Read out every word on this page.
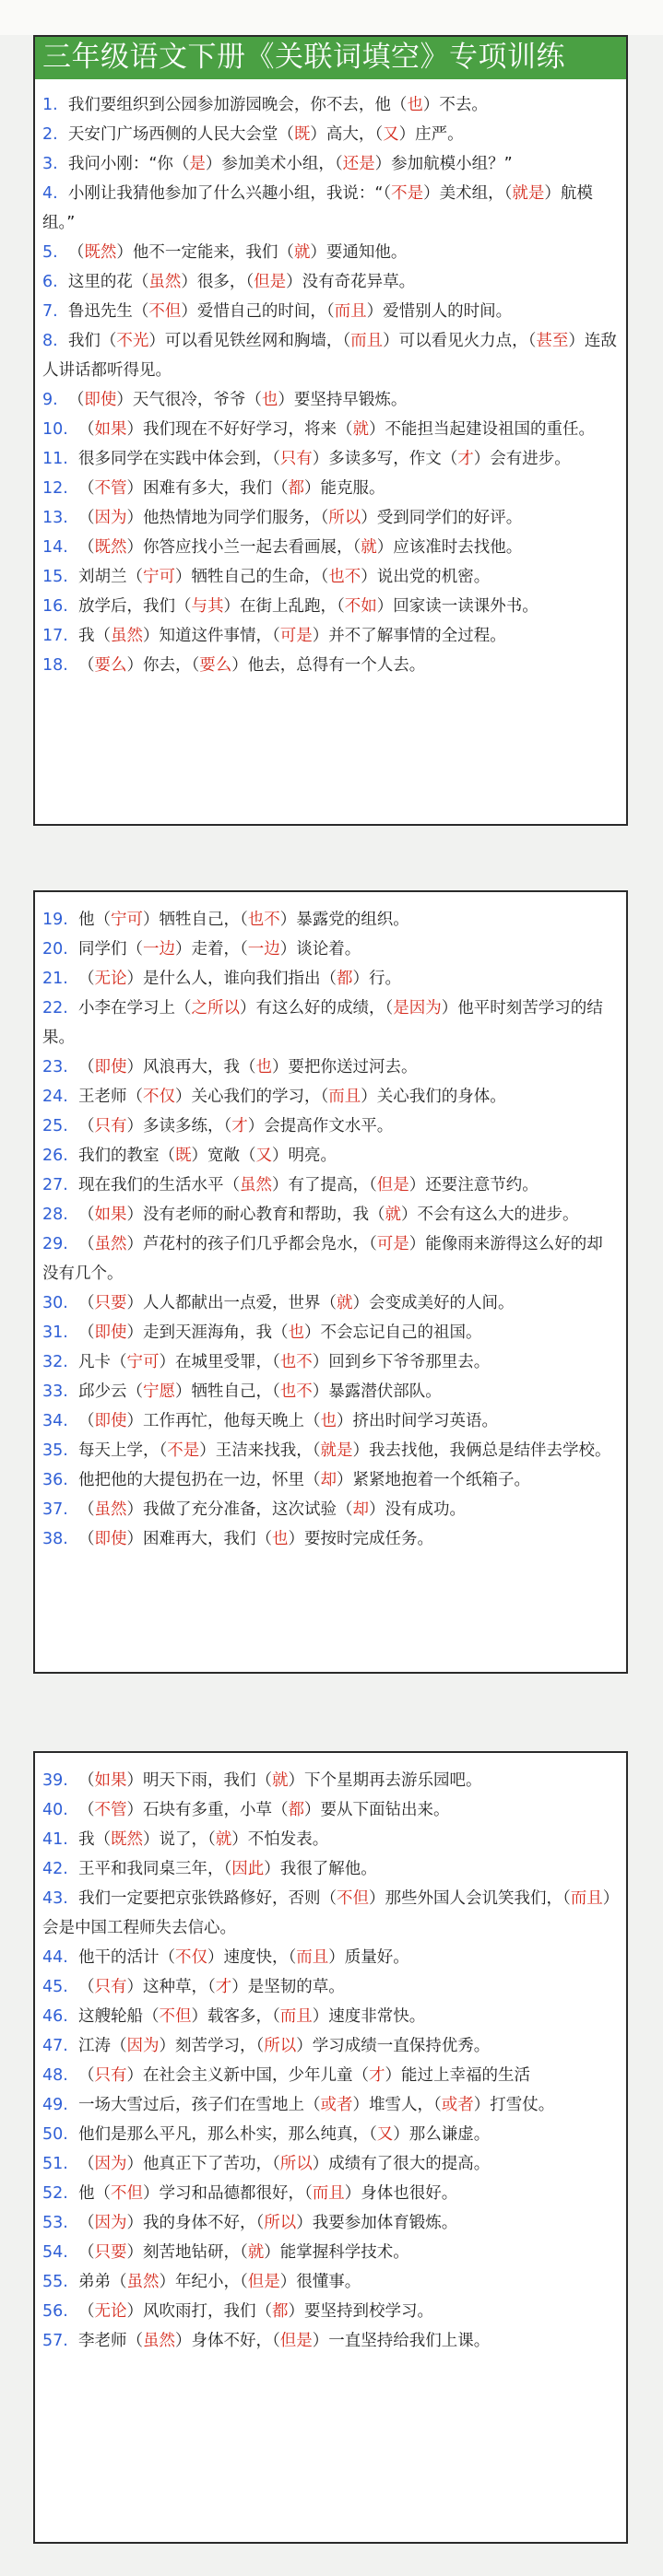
三年级语文下册《关联词填空》专项训练
1.  我们要组织到公园参加游园晚会，你不去，他（也）不去。
2.  天安门广场西侧的人民大会堂（既）高大，（又）庄严。
3.  我问小刚：“你（是）参加美术小组，（还是）参加航模小组？”
4.  小刚让我猜他参加了什么兴趣小组，我说：“（不是）美术组，（就是）航模组。”
5.  （既然）他不一定能来，我们（就）要通知他。
6.  这里的花（虽然）很多，（但是）没有奇花异草。
7.  鲁迅先生（不但）爱惜自己的时间，（而且）爱惜别人的时间。
8.  我们（不光）可以看见铁丝网和胸墙，（而且）可以看见火力点，（甚至）连敌人讲话都听得见。
9.  （即使）天气很冷，爷爷（也）要坚持早锻炼。
10.  （如果）我们现在不好好学习，将来（就）不能担当起建设祖国的重任。
11.  很多同学在实践中体会到，（只有）多读多写，作文（才）会有进步。
12.  （不管）困难有多大，我们（都）能克服。
13.  （因为）他热情地为同学们服务，（所以）受到同学们的好评。
14.  （既然）你答应找小兰一起去看画展，（就）应该准时去找他。
15.  刘胡兰（宁可）牺牲自己的生命，（也不）说出党的机密。
16.  放学后，我们（与其）在街上乱跑，（不如）回家读一读课外书。
17.  我（虽然）知道这件事情，（可是）并不了解事情的全过程。
18.  （要么）你去，（要么）他去，总得有一个人去。
19.  他（宁可）牺牲自己，（也不）暴露党的组织。
20.  同学们（一边）走着，（一边）谈论着。
21.  （无论）是什么人，谁向我们指出（都）行。
22.  小李在学习上（之所以）有这么好的成绩，（是因为）他平时刻苦学习的结果。
23.  （即使）风浪再大，我（也）要把你送过河去。
24.  王老师（不仅）关心我们的学习，（而且）关心我们的身体。
25.  （只有）多读多练，（才）会提高作文水平。
26.  我们的教室（既）宽敞（又）明亮。
27.  现在我们的生活水平（虽然）有了提高，（但是）还要注意节约。
28.  （如果）没有老师的耐心教育和帮助，我（就）不会有这么大的进步。
29.  （虽然）芦花村的孩子们几乎都会凫水，（可是）能像雨来游得这么好的却没有几个。
30.  （只要）人人都献出一点爱，世界（就）会变成美好的人间。
31.  （即使）走到天涯海角，我（也）不会忘记自己的祖国。
32.  凡卡（宁可）在城里受罪，（也不）回到乡下爷爷那里去。
33.  邱少云（宁愿）牺牲自己，（也不）暴露潜伏部队。
34.  （即使）工作再忙，他每天晚上（也）挤出时间学习英语。
35.  每天上学，（不是）王洁来找我，（就是）我去找他，我俩总是结伴去学校。
36.  他把他的大提包扔在一边，怀里（却）紧紧地抱着一个纸箱子。
37.  （虽然）我做了充分准备，这次试验（却）没有成功。
38.  （即使）困难再大，我们（也）要按时完成任务。
39.  （如果）明天下雨，我们（就）下个星期再去游乐园吧。
40.  （不管）石块有多重，小草（都）要从下面钻出来。
41.  我（既然）说了，（就）不怕发表。
42.  王平和我同桌三年，（因此）我很了解他。
43.  我们一定要把京张铁路修好，否则（不但）那些外国人会讥笑我们，（而且）会是中国工程师失去信心。
44.  他干的活计（不仅）速度快，（而且）质量好。
45.  （只有）这种草，（才）是坚韧的草。
46.  这艘轮船（不但）载客多，（而且）速度非常快。
47.  江涛（因为）刻苦学习，（所以）学习成绩一直保持优秀。
48.  （只有）在社会主义新中国，少年儿童（才）能过上幸福的生活
49.  一场大雪过后，孩子们在雪地上（或者）堆雪人，（或者）打雪仗。
50.  他们是那么平凡，那么朴实，那么纯真，（又）那么谦虚。
51.  （因为）他真正下了苦功，（所以）成绩有了很大的提高。
52.  他（不但）学习和品德都很好，（而且）身体也很好。
53.  （因为）我的身体不好，（所以）我要参加体育锻炼。
54.  （只要）刻苦地钻研，（就）能掌握科学技术。
55.  弟弟（虽然）年纪小，（但是）很懂事。
56.  （无论）风吹雨打，我们（都）要坚持到校学习。
57.  李老师（虽然）身体不好，（但是）一直坚持给我们上课。
